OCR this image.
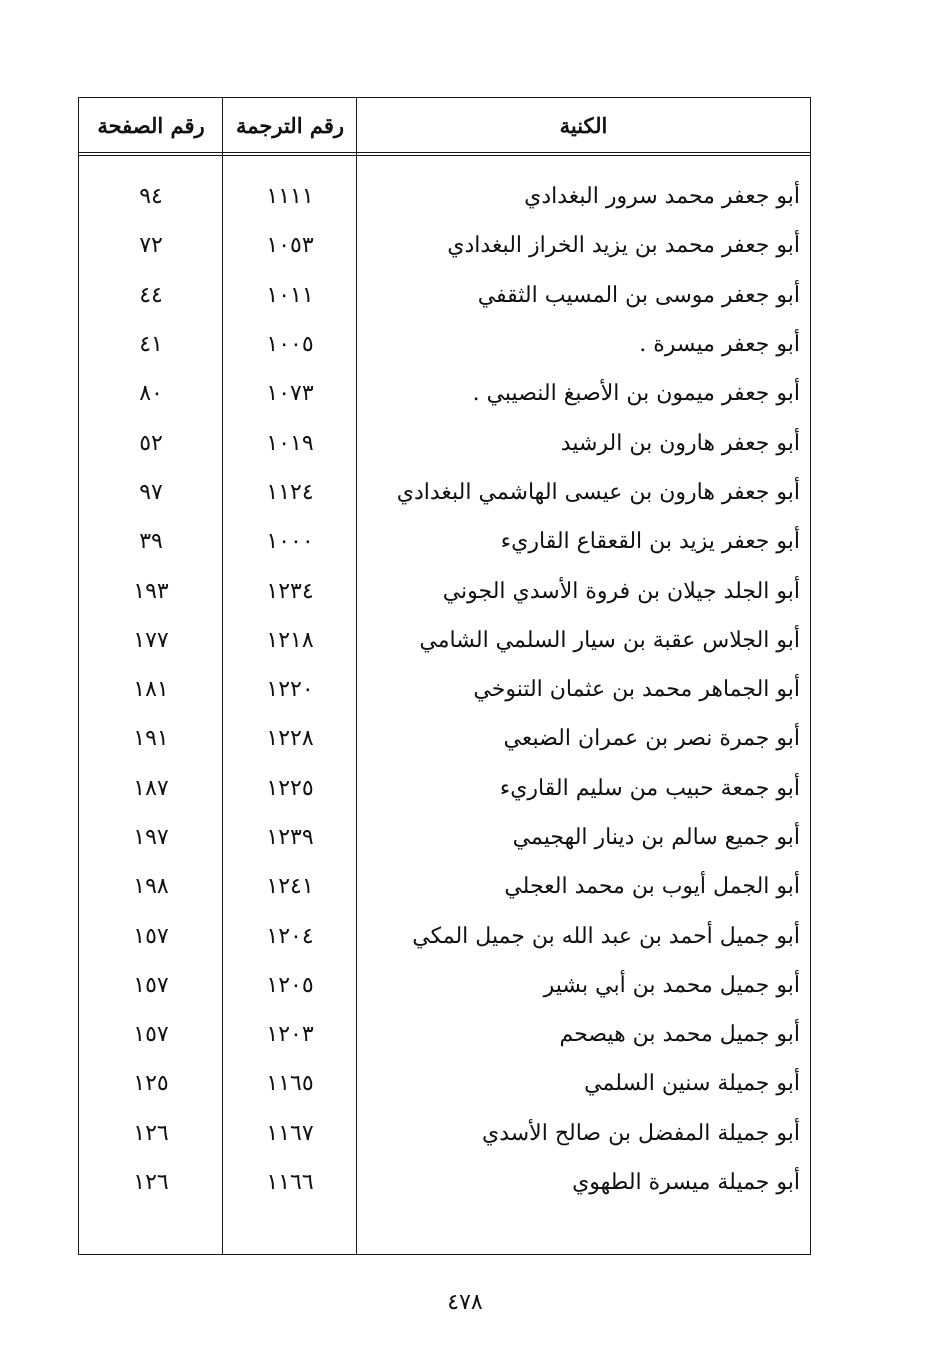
الكنية
رقم الترجمة
رقم الصفحة
أبو جعفر محمد سرور البغدادي
١١١١
٩٤
أبو جعفر محمد بن يزيد الخراز البغدادي
١٠٥٣
٧٢
أبو جعفر موسى بن المسيب الثقفي
١٠١١
٤٤
أبو جعفر ميسرة .
١٠٠٥
٤١
أبو جعفر ميمون بن الأصبغ النصيبي .
١٠٧٣
٨٠
أبو جعفر هارون بن الرشيد
١٠١٩
٥٢
أبو جعفر هارون بن عيسى الهاشمي البغدادي
١١٢٤
٩٧
أبو جعفر يزيد بن القعقاع القاريء
١٠٠٠
٣٩
أبو الجلد جيلان بن فروة الأسدي الجوني
١٢٣٤
١٩٣
أبو الجلاس عقبة بن سيار السلمي الشامي
١٢١٨
١٧٧
أبو الجماهر محمد بن عثمان التنوخي
١٢٢٠
١٨١
أبو جمرة نصر بن عمران الضبعي
١٢٢٨
١٩١
أبو جمعة حبيب من سليم القاريء
١٢٢٥
١٨٧
أبو جميع سالم بن دينار الهجيمي
١٢٣٩
١٩٧
أبو الجمل أيوب بن محمد العجلي
١٢٤١
١٩٨
أبو جميل أحمد بن عبد الله بن جميل المكي
١٢٠٤
١٥٧
أبو جميل محمد بن أبي بشير
١٢٠٥
١٥٧
أبو جميل محمد بن هيصحم
١٢٠٣
١٥٧
أبو جميلة سنين السلمي
١١٦٥
١٢٥
أبو جميلة المفضل بن صالح الأسدي
١١٦٧
١٢٦
أبو جميلة ميسرة الطهوي
١١٦٦
١٢٦
٤٧٨
